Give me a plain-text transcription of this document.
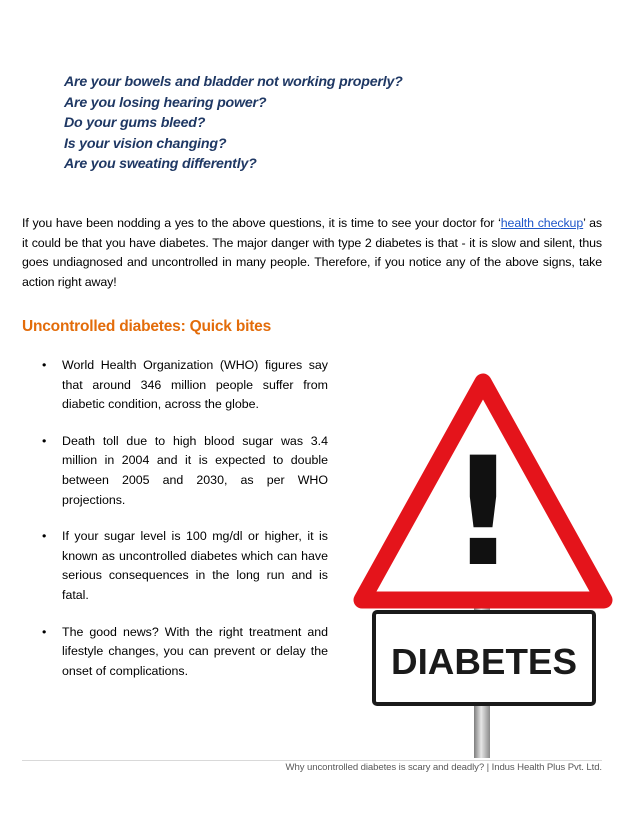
Are your bowels and bladder not working properly?
Are you losing hearing power?
Do your gums bleed?
Is your vision changing?
Are you sweating differently?

If you have been nodding a yes to the above questions, it is time to see your doctor for ‘health checkup’ as it could be that you have diabetes. The major danger with type 2 diabetes is that - it is slow and silent, thus goes undiagnosed and uncontrolled in many people. Therefore, if you notice any of the above signs, take action right away!

Uncontrolled diabetes: Quick bites
• World Health Organization (WHO) figures say that around 346 million people suffer from diabetic condition, across the globe.
• Death toll due to high blood sugar was 3.4 million in 2004 and it is expected to double between 2005 and 2030, as per WHO projections.
• If your sugar level is 100 mg/dl or higher, it is known as uncontrolled diabetes which can have serious consequences in the long run and is fatal.
• The good news? With the right treatment and lifestyle changes, you can prevent or delay the onset of complications.
!
DIABETES

Why uncontrolled diabetes is scary and deadly? | Indus Health Plus Pvt. Ltd.
